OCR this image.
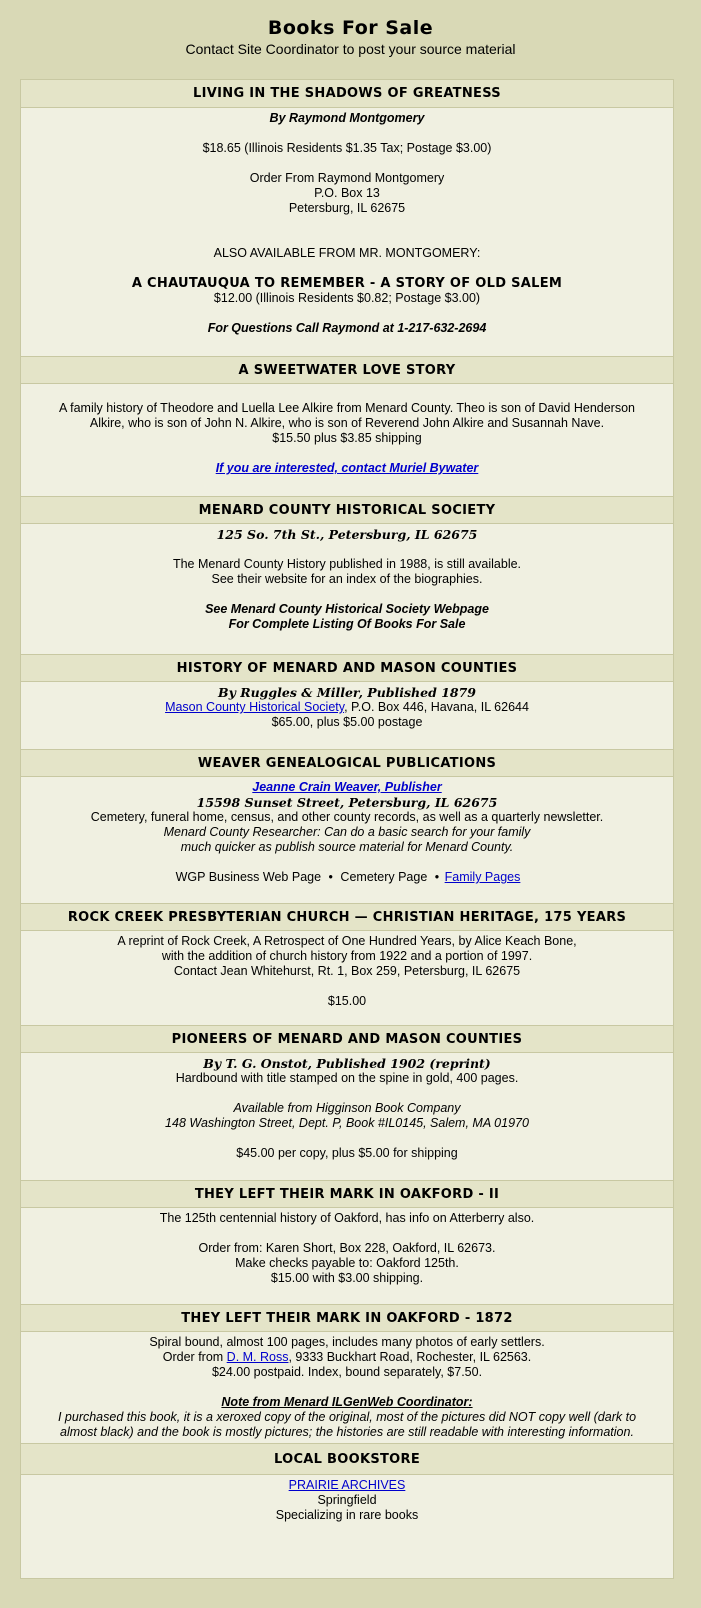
Books For Sale
Contact Site Coordinator to post your source material
LIVING IN THE SHADOWS OF GREATNESS

By Raymond Montgomery

$18.65 (Illinois Residents $1.35 Tax; Postage $3.00)

Order From Raymond Montgomery

P.O. Box 13

Petersburg, IL 62675

ALSO AVAILABLE FROM MR. MONTGOMERY:

A CHAUTAUQUA TO REMEMBER - A STORY OF OLD SALEM

$12.00 (Illinois Residents $0.82; Postage $3.00)

For Questions Call Raymond at 1-217-632-2694

A SWEETWATER LOVE STORY

A family history of Theodore and Luella Lee Alkire from Menard County. Theo is son of David Henderson

Alkire, who is son of John N. Alkire, who is son of Reverend John Alkire and Susannah Nave.

$15.50 plus $3.85 shipping

If you are interested, contact Muriel Bywater

MENARD COUNTY HISTORICAL SOCIETY

125 So. 7th St., Petersburg, IL 62675

The Menard County History published in 1988, is still available.

See their website for an index of the biographies.

See Menard County Historical Society Webpage

For Complete Listing Of Books For Sale

HISTORY OF MENARD AND MASON COUNTIES

By Ruggles & Miller, Published 1879

Mason County Historical Society, P.O. Box 446, Havana, IL 62644

$65.00, plus $5.00 postage

WEAVER GENEALOGICAL PUBLICATIONS

Jeanne Crain Weaver, Publisher

15598 Sunset Street, Petersburg, IL 62675

Cemetery, funeral home, census, and other county records, as well as a quarterly newsletter.

Menard County Researcher: Can do a basic search for your family

much quicker as publish source material for Menard County.

WGP Business Web Page • Cemetery Page • Family Pages

ROCK CREEK PRESBYTERIAN CHURCH — CHRISTIAN HERITAGE, 175 YEARS

A reprint of Rock Creek, A Retrospect of One Hundred Years, by Alice Keach Bone,

with the addition of church history from 1922 and a portion of 1997.

Contact Jean Whitehurst, Rt. 1, Box 259, Petersburg, IL 62675

$15.00

PIONEERS OF MENARD AND MASON COUNTIES

By T. G. Onstot, Published 1902 (reprint)

Hardbound with title stamped on the spine in gold, 400 pages.

Available from Higginson Book Company

148 Washington Street, Dept. P, Book #IL0145, Salem, MA 01970

$45.00 per copy, plus $5.00 for shipping

THEY LEFT THEIR MARK IN OAKFORD - II

The 125th centennial history of Oakford, has info on Atterberry also.

Order from: Karen Short, Box 228, Oakford, IL 62673.

Make checks payable to: Oakford 125th.

$15.00 with $3.00 shipping.

THEY LEFT THEIR MARK IN OAKFORD - 1872

Spiral bound, almost 100 pages, includes many photos of early settlers.

Order from D. M. Ross, 9333 Buckhart Road, Rochester, IL 62563.

$24.00 postpaid. Index, bound separately, $7.50.

Note from Menard ILGenWeb Coordinator:

I purchased this book, it is a xeroxed copy of the original, most of the pictures did NOT copy well (dark to

almost black) and the book is mostly pictures; the histories are still readable with interesting information.

LOCAL BOOKSTORE

PRAIRIE ARCHIVES

Springfield

Specializing in rare books
